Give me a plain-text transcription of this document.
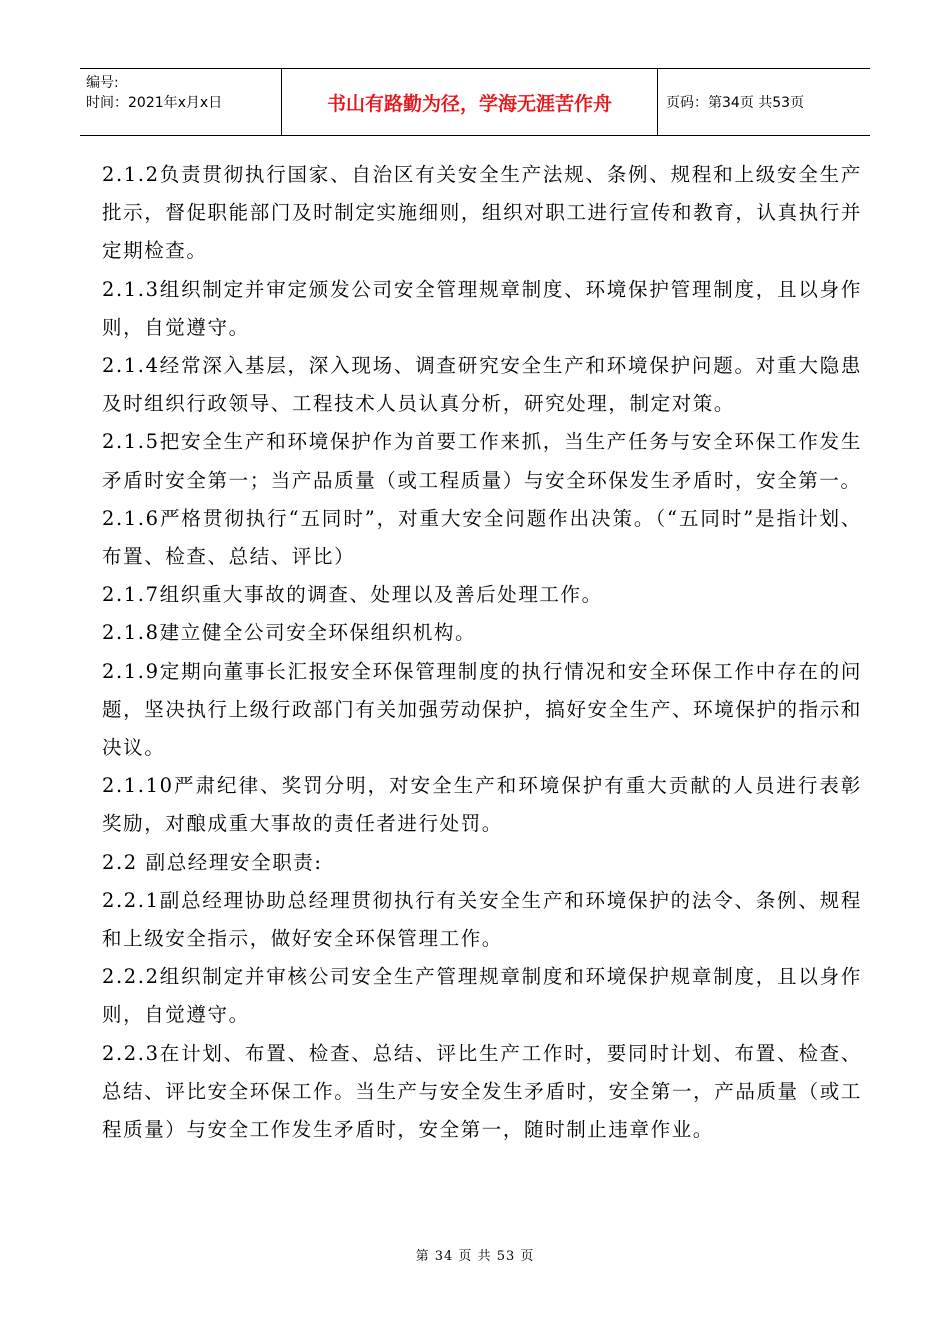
编号:
时间：2021年x月x日	书山有路勤为径，学海无涯苦作舟	页码：第34页 共53页

2.1.2负责贯彻执行国家、自治区有关安全生产法规、条例、规程和上级安全生产批示，督促职能部门及时制定实施细则，组织对职工进行宣传和教育，认真执行并定期检查。

2.1.3组织制定并审定颁发公司安全管理规章制度、环境保护管理制度，且以身作则，自觉遵守。

2.1.4经常深入基层，深入现场、调查研究安全生产和环境保护问题。对重大隐患及时组织行政领导、工程技术人员认真分析，研究处理，制定对策。

2.1.5把安全生产和环境保护作为首要工作来抓，当生产任务与安全环保工作发生矛盾时安全第一；当产品质量（或工程质量）与安全环保发生矛盾时，安全第一。

2.1.6严格贯彻执行“五同时”，对重大安全问题作出决策。（“五同时”是指计划、布置、检查、总结、评比）

2.1.7组织重大事故的调查、处理以及善后处理工作。

2.1.8建立健全公司安全环保组织机构。

2.1.9定期向董事长汇报安全环保管理制度的执行情况和安全环保工作中存在的问题，坚决执行上级行政部门有关加强劳动保护，搞好安全生产、环境保护的指示和决议。

2.1.10严肃纪律、奖罚分明，对安全生产和环境保护有重大贡献的人员进行表彰奖励，对酿成重大事故的责任者进行处罚。

2.2 副总经理安全职责:

2.2.1副总经理协助总经理贯彻执行有关安全生产和环境保护的法令、条例、规程和上级安全指示，做好安全环保管理工作。

2.2.2组织制定并审核公司安全生产管理规章制度和环境保护规章制度，且以身作则，自觉遵守。

2.2.3在计划、布置、检查、总结、评比生产工作时，要同时计划、布置、检查、总结、评比安全环保工作。当生产与安全发生矛盾时，安全第一，产品质量（或工程质量）与安全工作发生矛盾时，安全第一，随时制止违章作业。

第 34 页 共 53 页
